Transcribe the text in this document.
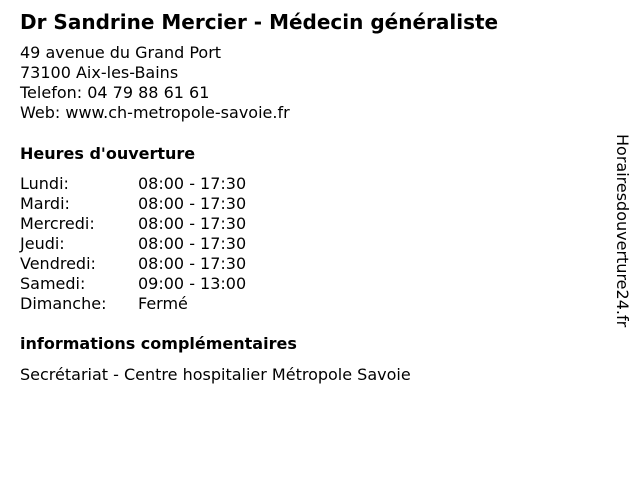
Dr Sandrine Mercier - Médecin généraliste
49 avenue du Grand Port
73100 Aix-les-Bains
Telefon: 04 79 88 61 61
Web: www.ch-metropole-savoie.fr
Heures d'ouverture
Lundi:	08:00 - 17:30
Mardi:	08:00 - 17:30
Mercredi:	08:00 - 17:30
Jeudi:	08:00 - 17:30
Vendredi:	08:00 - 17:30
Samedi:	09:00 - 13:00
Dimanche: Fermé
informations complémentaires
Secrétariat - Centre hospitalier Métropole Savoie
Horairesdouverture24.fr
